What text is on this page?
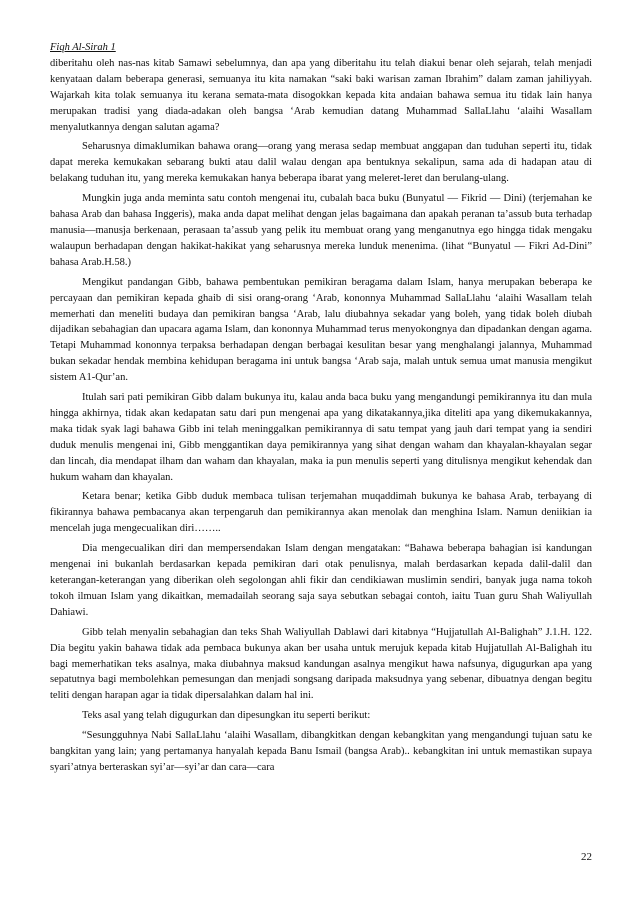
Fiqh Al-Sirah 1

diberitahu oleh nas-nas kitab Samawi sebelumnya, dan apa yang diberitahu itu telah diakui benar oleh sejarah, telah menjadi kenyataan dalam beberapa generasi, semuanya itu kita namakan “saki baki warisan zaman Ibrahim” dalam zaman jahiliyyah. Wajarkah kita tolak semuanya itu kerana semata-mata disogokkan kepada kita andaian bahawa semua itu tidak lain hanya merupakan tradisi yang diada-adakan oleh bangsa ‘Arab kemudian datang Muhammad SallaLlahu ‘alaihi Wasallam menyalutkannya dengan salutan agama?

Seharusnya dimaklumikan bahawa orang—orang yang merasa sedap membuat anggapan dan tuduhan seperti itu, tidak dapat mereka kemukakan sebarang bukti atau dalil walau dengan apa bentuknya sekalipun, sama ada di hadapan atau di belakang tuduhan itu, yang mereka kemukakan hanya beberapa ibarat yang meleret-leret dan berulang-ulang.

Mungkin juga anda meminta satu contoh mengenai itu, cubalah baca buku (Bunyatul — Fikrid — Dini) (terjemahan ke bahasa Arab dan bahasa Inggeris), maka anda dapat melihat dengan jelas bagaimana dan apakah peranan ta’assub buta terhadap manusia—manusja berkenaan, perasaan ta’assub yang pelik itu membuat orang yang menganutnya ego hingga tidak mengaku walaupun berhadapan dengan hakikat-hakikat yang seharusnya mereka lunduk menenima. (lihat “Bunyatul — Fikri Ad-Dini” bahasa Arab.H.58.)

Mengikut pandangan Gibb, bahawa pembentukan pemikiran beragama dalam Islam, hanya merupakan beberapa ke percayaan dan pemikiran kepada ghaib di sisi orang-orang ‘Arab, kononnya Muhammad SallaLlahu ‘alaihi Wasallam telah memerhati dan meneliti budaya dan pemikiran bangsa ‘Arab, lalu diubahnya sekadar yang boleh, yang tidak boleh diubah dijadikan sebahagian dan upacara agama Islam, dan kononnya Muhammad terus menyokongnya dan dipadankan dengan agama. Tetapi Muhammad kononnya terpaksa berhadapan dengan berbagai kesulitan besar yang menghalangi jalannya, Muhammad bukan sekadar hendak membina kehidupan beragama ini untuk bangsa ‘Arab saja, malah untuk semua umat manusia mengikut sistem A1-Qur’an.

Itulah sari pati pemikiran Gibb dalam bukunya itu, kalau anda baca buku yang mengandungi pemikirannya itu dan mula hingga akhirnya, tidak akan kedapatan satu dari pun mengenai apa yang dikatakannya,jika diteliti apa yang dikemukakannya, maka tidak syak lagi bahawa Gibb ini telah meninggalkan pemikirannya di satu tempat yang jauh dari tempat yang ia sendiri duduk menulis mengenai ini, Gibb menggantikan daya pemikirannya yang sihat dengan waham dan khayalan-khayalan segar dan lincah, dia mendapat ilham dan waham dan khayalan, maka ia pun menulis seperti yang ditulisnya mengikut kehendak dan hukum waham dan khayalan.

Ketara benar; ketika Gibb duduk membaca tulisan terjemahan muqaddimah bukunya ke bahasa Arab, terbayang di fikirannya bahawa pembacanya akan terpengaruh dan pemikirannya akan menolak dan menghina Islam. Namun deniikian ia mencelah juga mengecualikan diri……..

Dia mengecualikan diri dan mempersendakan Islam dengan mengatakan: “Bahawa beberapa bahagian isi kandungan mengenai ini bukanlah berdasarkan kepada pemikiran dari otak penulisnya, malah berdasarkan kepada dalil-dalil dan keterangan-keterangan yang diberikan oleh segolongan ahli fikir dan cendikiawan muslimin sendiri, banyak juga nama tokoh tokoh ilmuan Islam yang dikaitkan, memadailah seorang saja saya sebutkan sebagai contoh, iaitu Tuan guru Shah Waliyullah Dahiawi.

Gibb telah menyalin sebahagian dan teks Shah Waliyullah Dablawi dari kitabnya “Hujjatullah Al-Balighah” J.1.H. 122. Dia begitu yakin bahawa tidak ada pembaca bukunya akan ber usaha untuk merujuk kepada kitab Hujjatullah Al-Balighah itu bagi memerhatikan teks asalnya, maka diubahnya maksud kandungan asalnya mengikut hawa nafsunya, digugurkan apa yang sepatutnya bagi membolehkan pemesungan dan menjadi songsang daripada maksudnya yang sebenar, dibuatnya dengan begitu teliti dengan harapan agar ia tidak dipersalahkan dalam hal ini.

Teks asal yang telah digugurkan dan dipesungkan itu seperti berikut:

“Sesungguhnya Nabi SallaLlahu ‘alaihi Wasallam, dibangkitkan dengan kebangkitan yang mengandungi tujuan satu ke bangkitan yang lain; yang pertamanya hanyalah kepada Banu Ismail (bangsa Arab).. kebangkitan ini untuk memastikan supaya syari’atnya berteraskan syi’ar—syi’ar dan cara—cara

22
